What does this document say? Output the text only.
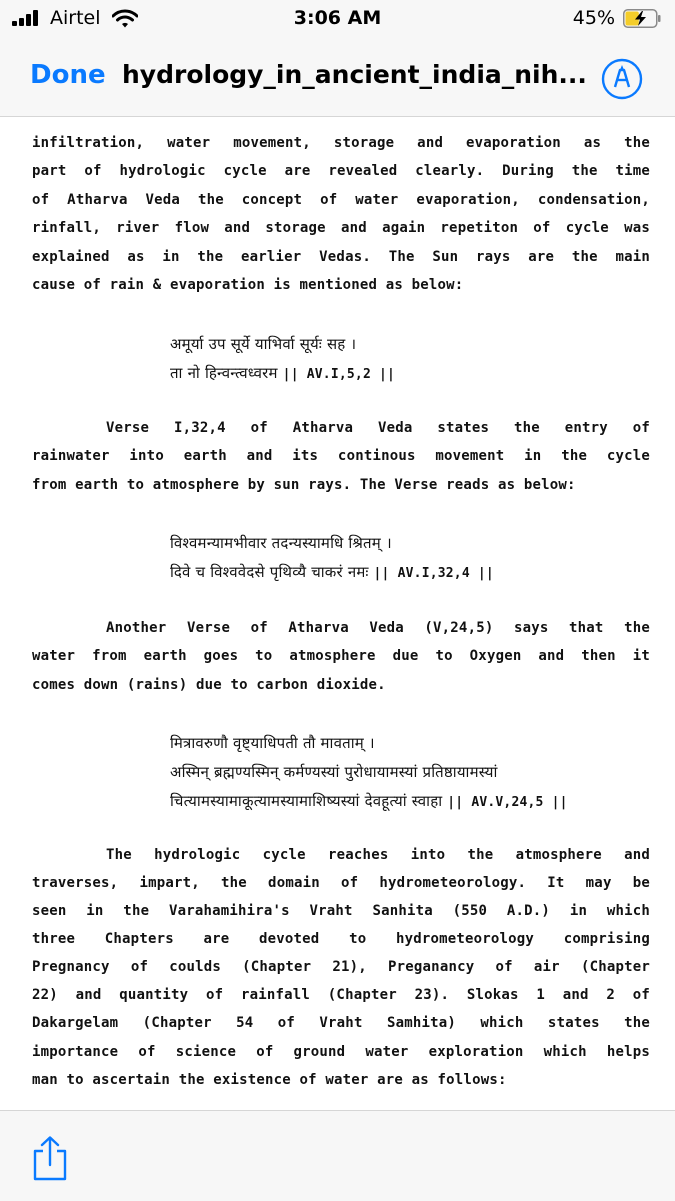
Airtel	3:06 AM	45%
Done hydrology_in_ancient_india_nih...
infiltration, water movement, storage and evaporation as the
part of hydrologic cycle are revealed clearly. During the time
of Atharva Veda the concept of water evaporation, condensation,
rinfall, river flow and storage and again repetiton of cycle was
explained as in the earlier Vedas. The Sun rays are the main
cause of rain & evaporation is mentioned as below:
अमूर्या उप सूर्ये याभिर्वा सूर्यः सह ।
ता नो हिन्वन्त्वध्वरम || AV.I,5,2 ||
Verse I,32,4 of Atharva Veda states the entry of
rainwater into earth and its continous movement in the cycle
from earth to atmosphere by sun rays. The Verse reads as below:
विश्वमन्यामभीवार तदन्यस्यामधि श्रितम् ।
दिवे च विश्ववेदसे पृथिव्यै चाकरं नमः || AV.I,32,4 ||
Another Verse of Atharva Veda (V,24,5) says that the
water from earth goes to atmosphere due to Oxygen and then it
comes down (rains) due to carbon dioxide.
मित्रावरुणौ वृष्ट्याधिपती तौ मावताम् ।
अस्मिन् ब्रह्मण्यस्मिन् कर्मण्यस्यां पुरोधायामस्यां प्रतिष्ठायामस्यां
चित्यामस्यामाकूत्यामस्यामाशिष्यस्यां देवहूत्यां स्वाहा || AV.V,24,5 ||
The hydrologic cycle reaches into the atmosphere and
traverses, impart, the domain of hydrometeorology. It may be
seen in the Varahamihira's Vraht Sanhita (550 A.D.) in which
three Chapters are devoted to hydrometeorology comprising
Pregnancy of coulds (Chapter 21), Preganancy of air (Chapter
22) and quantity of rainfall (Chapter 23). Slokas 1 and 2 of
Dakargelam (Chapter 54 of Vraht Samhita) which states the
importance of science of ground water exploration which helps
man to ascertain the existence of water are as follows:
